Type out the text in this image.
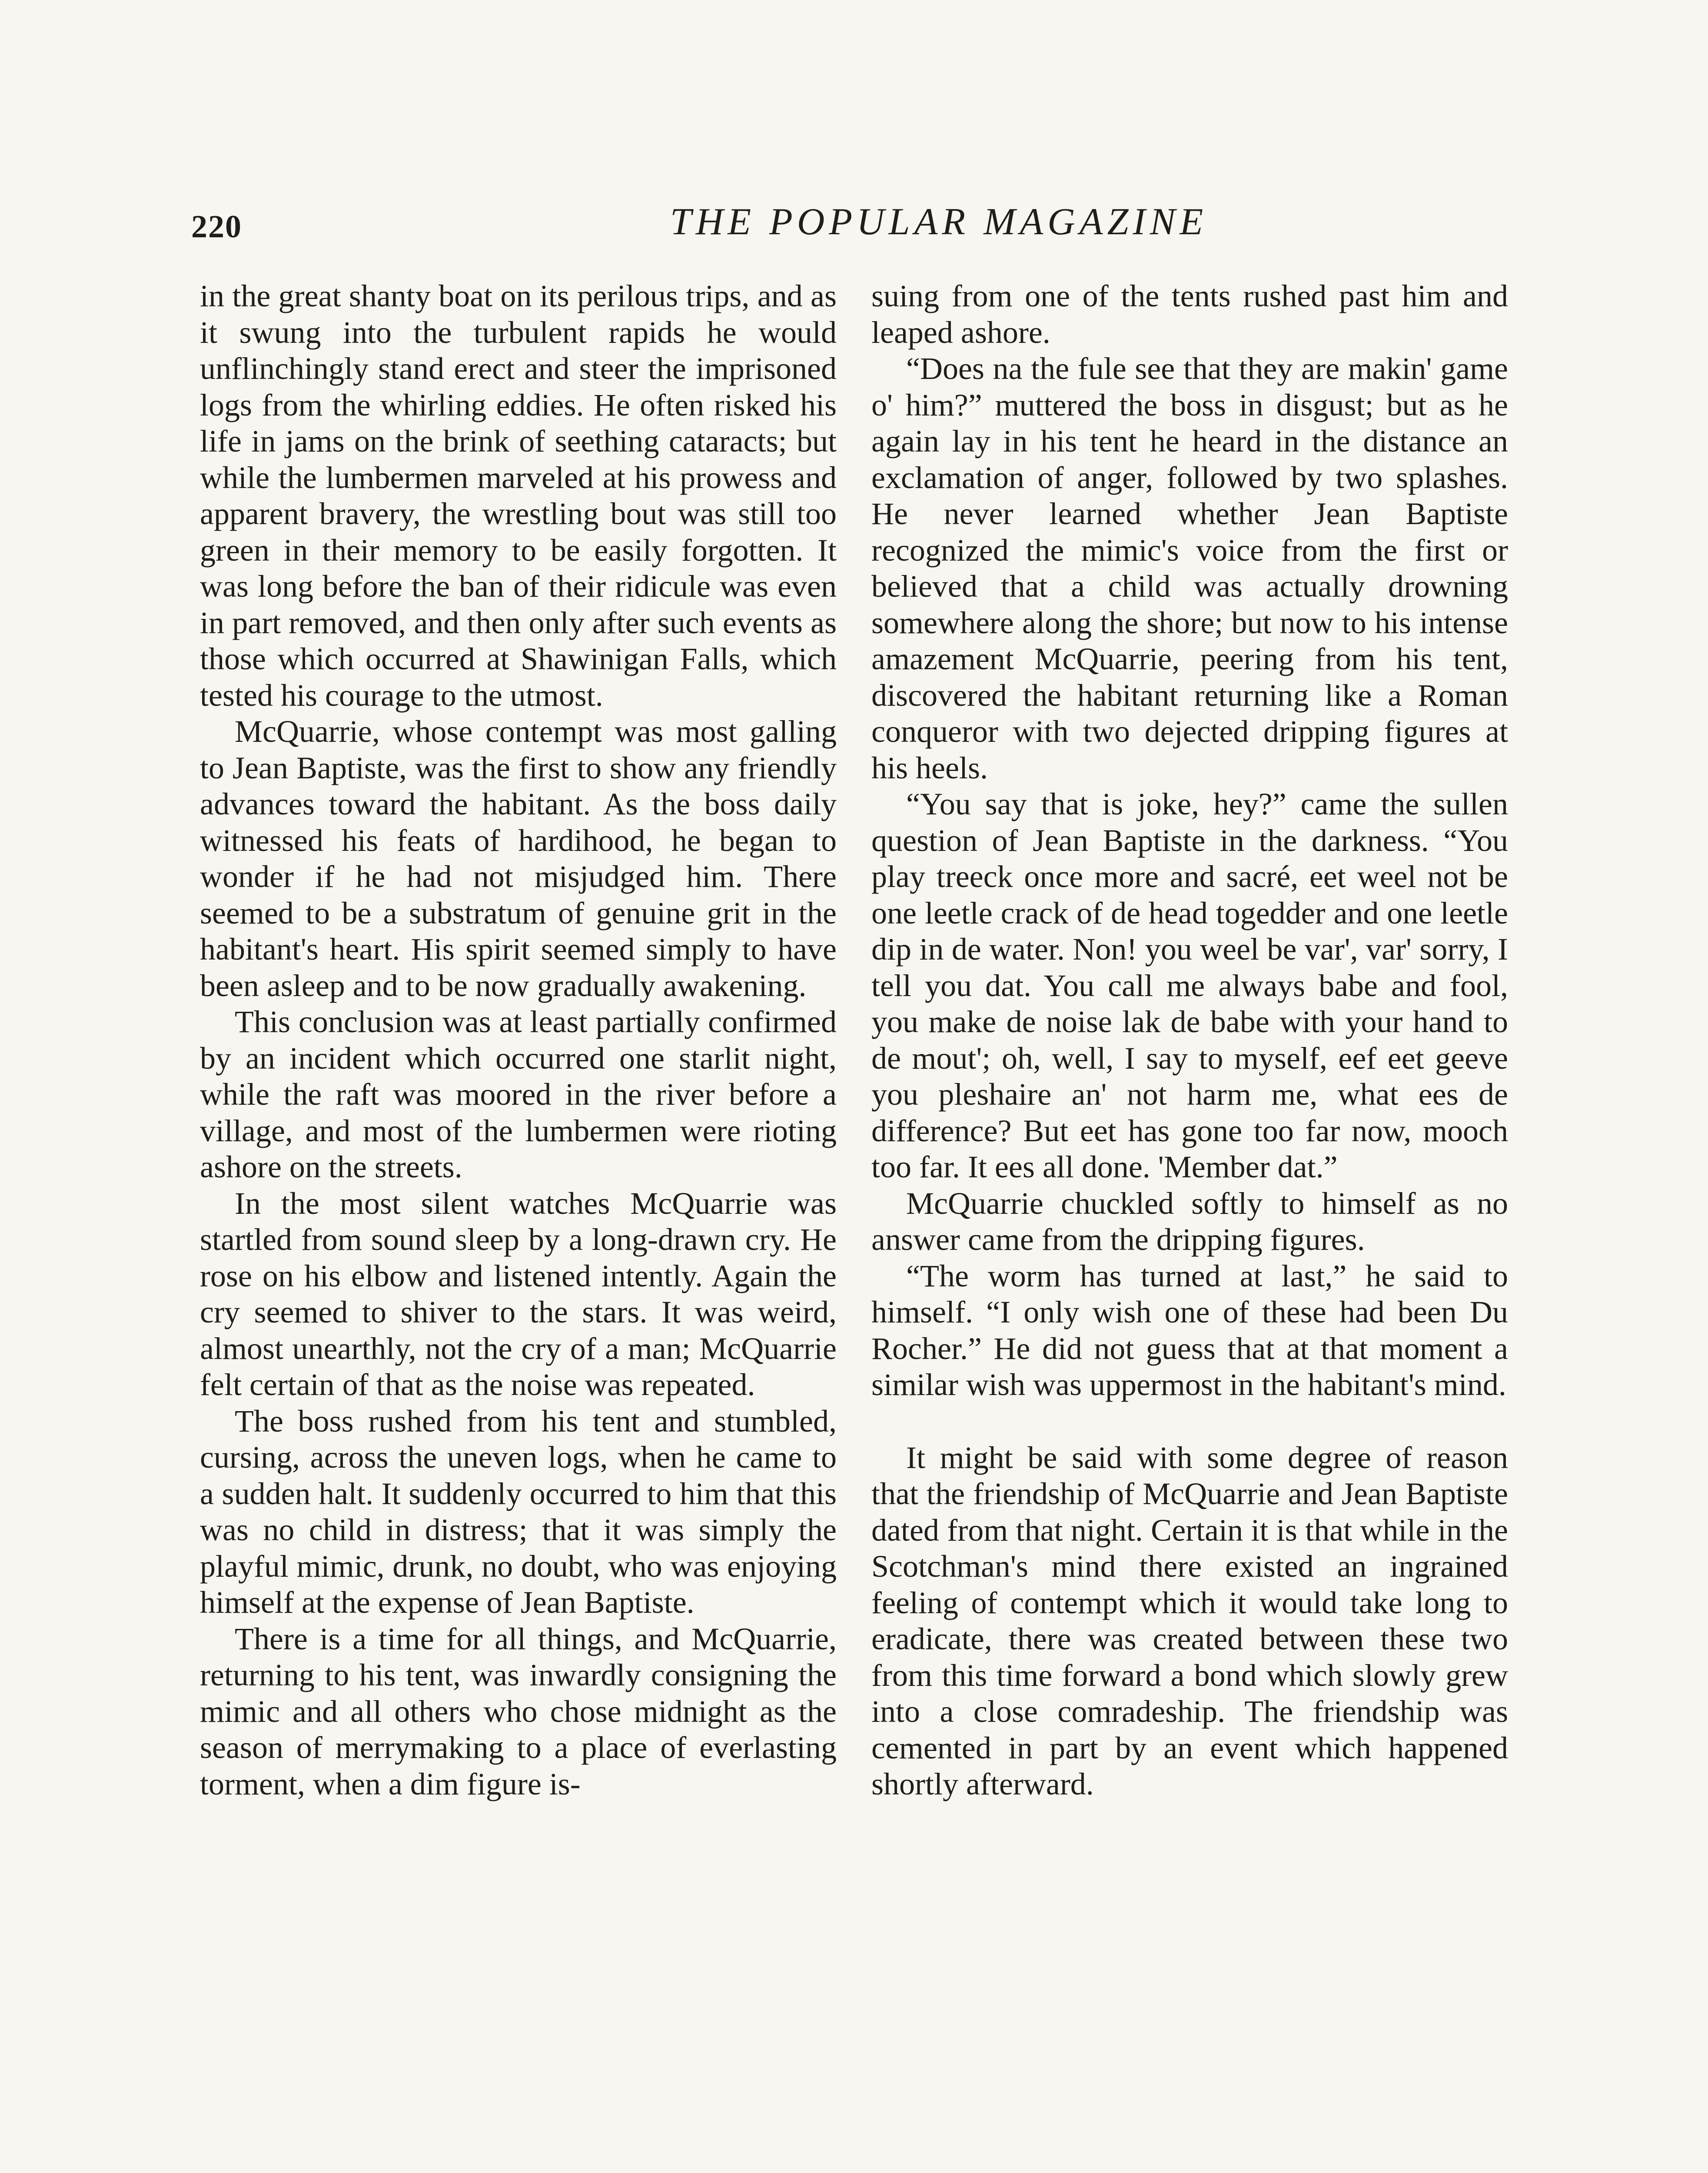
220	THE POPULAR MAGAZINE

in the great shanty boat on its perilous trips, and as it swung into the turbulent rapids he would unflinchingly stand erect and steer the imprisoned logs from the whirling eddies. He often risked his life in jams on the brink of seething cataracts; but while the lumbermen marveled at his prowess and apparent bravery, the wrestling bout was still too green in their memory to be easily forgotten. It was long before the ban of their ridicule was even in part removed, and then only after such events as those which occurred at Shawinigan Falls, which tested his courage to the utmost.

McQuarrie, whose contempt was most galling to Jean Baptiste, was the first to show any friendly advances toward the habitant. As the boss daily witnessed his feats of hardihood, he began to wonder if he had not misjudged him. There seemed to be a substratum of genuine grit in the habitant's heart. His spirit seemed simply to have been asleep and to be now gradually awakening.

This conclusion was at least partially confirmed by an incident which occurred one starlit night, while the raft was moored in the river before a village, and most of the lumbermen were rioting ashore on the streets.

In the most silent watches McQuarrie was startled from sound sleep by a long-drawn cry. He rose on his elbow and listened intently. Again the cry seemed to shiver to the stars. It was weird, almost unearthly, not the cry of a man; McQuarrie felt certain of that as the noise was repeated.

The boss rushed from his tent and stumbled, cursing, across the uneven logs, when he came to a sudden halt. It suddenly occurred to him that this was no child in distress; that it was simply the playful mimic, drunk, no doubt, who was enjoying himself at the expense of Jean Baptiste.

There is a time for all things, and McQuarrie, returning to his tent, was inwardly consigning the mimic and all others who chose midnight as the season of merrymaking to a place of everlasting torment, when a dim figure is-

suing from one of the tents rushed past him and leaped ashore.

“Does na the fule see that they are makin' game o' him?” muttered the boss in disgust; but as he again lay in his tent he heard in the distance an exclamation of anger, followed by two splashes. He never learned whether Jean Baptiste recognized the mimic's voice from the first or believed that a child was actually drowning somewhere along the shore; but now to his intense amazement McQuarrie, peering from his tent, discovered the habitant returning like a Roman conqueror with two dejected dripping figures at his heels.

“You say that is joke, hey?” came the sullen question of Jean Baptiste in the darkness. “You play treeck once more and sacré, eet weel not be one leetle crack of de head togedder and one leetle dip in de water. Non! you weel be var', var' sorry, I tell you dat. You call me always babe and fool, you make de noise lak de babe with your hand to de mout'; oh, well, I say to myself, eef eet geeve you pleshaire an' not harm me, what ees de difference? But eet has gone too far now, mooch too far. It ees all done. 'Member dat.”

McQuarrie chuckled softly to himself as no answer came from the dripping figures.

“The worm has turned at last,” he said to himself. “I only wish one of these had been Du Rocher.” He did not guess that at that moment a similar wish was uppermost in the habitant's mind.

It might be said with some degree of reason that the friendship of McQuarrie and Jean Baptiste dated from that night. Certain it is that while in the Scotchman's mind there existed an ingrained feeling of contempt which it would take long to eradicate, there was created between these two from this time forward a bond which slowly grew into a close comradeship. The friendship was cemented in part by an event which happened shortly afterward.
